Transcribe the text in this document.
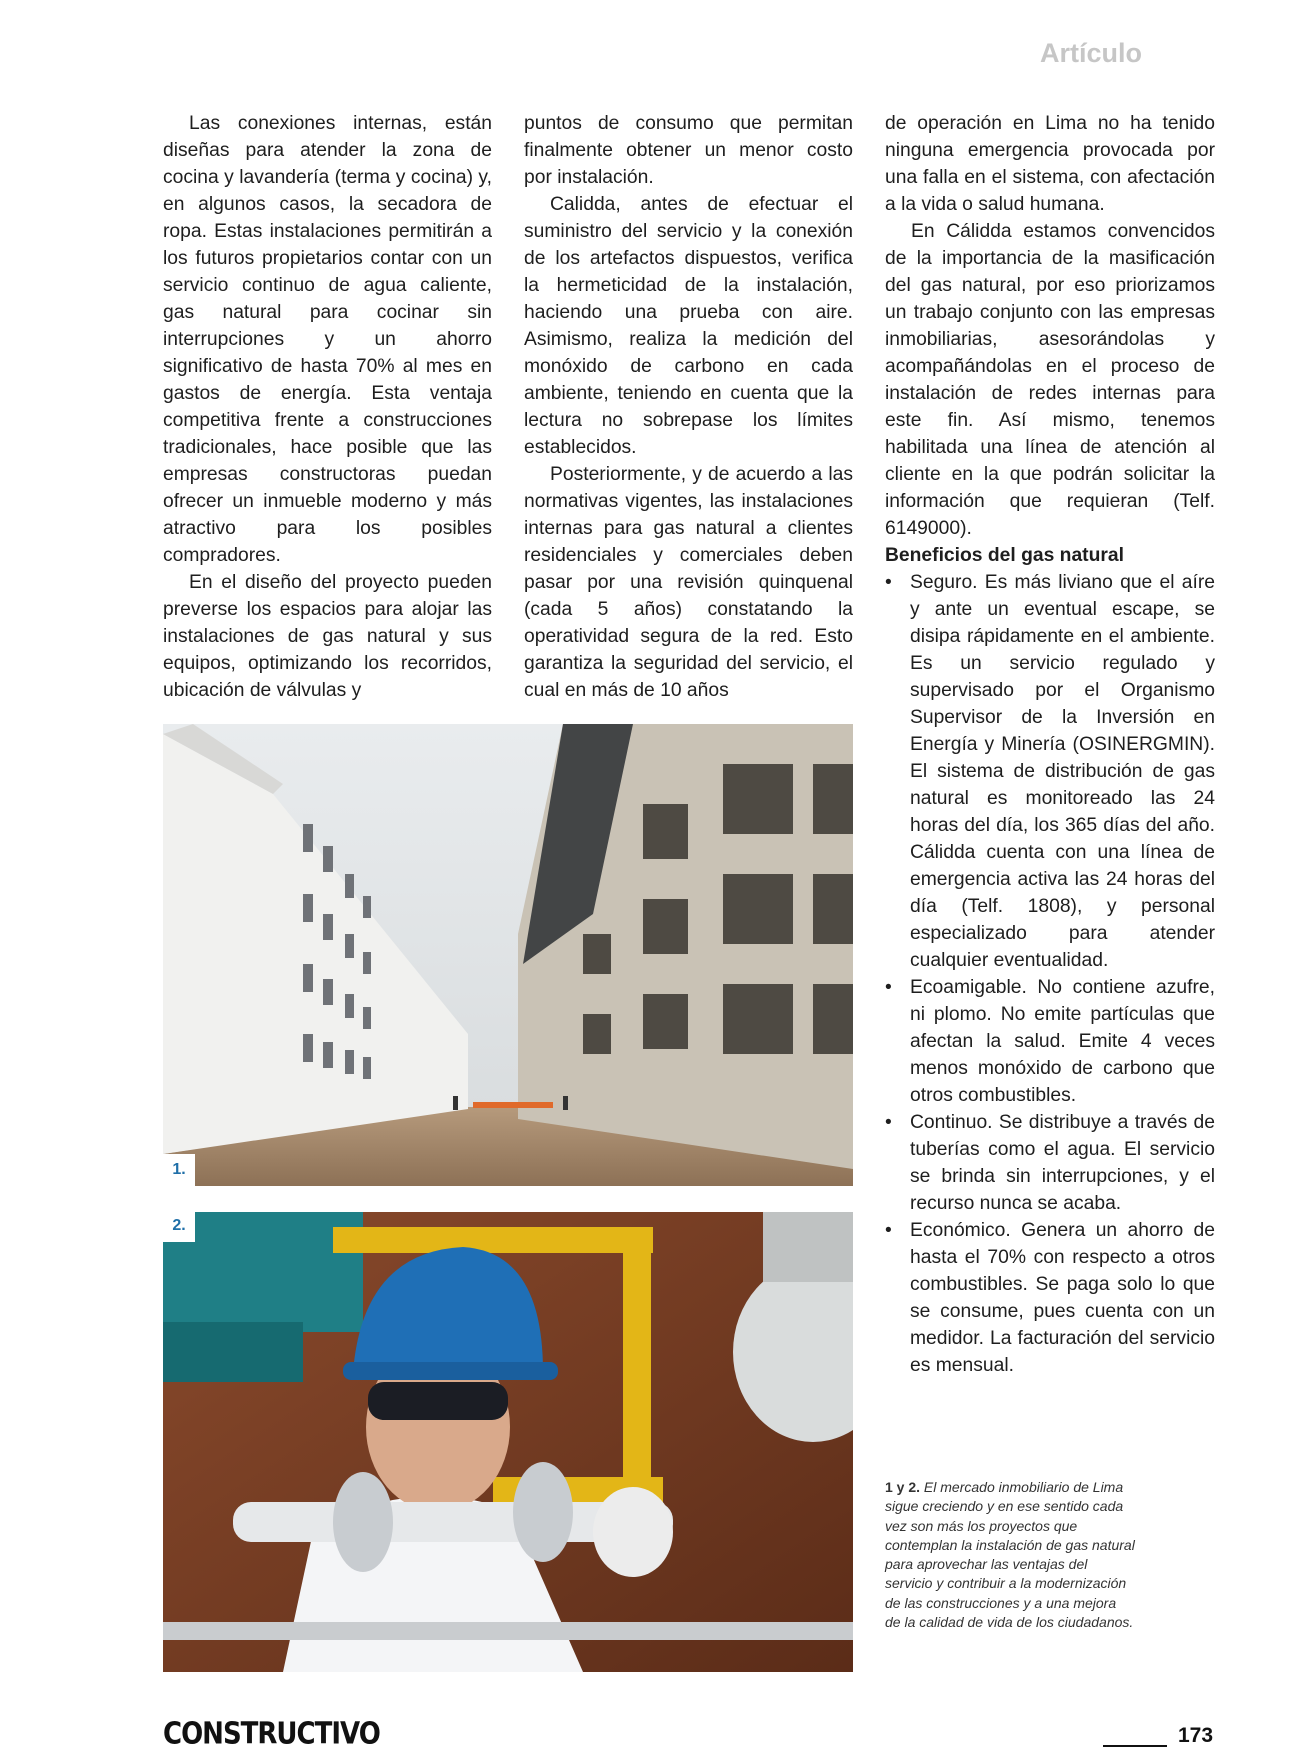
Artículo

Las conexiones internas, están diseñas para atender la zona de cocina y lavandería (terma y cocina) y, en algunos casos, la secadora de ropa. Estas instalaciones permitirán a los futuros propietarios contar con un servicio continuo de agua caliente, gas natural para cocinar sin interrupciones y un ahorro significativo de hasta 70% al mes en gastos de energía. Esta ventaja competitiva frente a construcciones tradicionales, hace posible que las empresas constructoras puedan ofrecer un inmueble moderno y más atractivo para los posibles compradores.

En el diseño del proyecto pueden preverse los espacios para alojar las instalaciones de gas natural y sus equipos, optimizando los recorridos, ubicación de válvulas y

puntos de consumo que permitan finalmente obtener un menor costo por instalación.

Calidda, antes de efectuar el suministro del servicio y la conexión de los artefactos dispuestos, verifica la hermeticidad de la instalación, haciendo una prueba con aire. Asimismo, realiza la medición del monóxido de carbono en cada ambiente, teniendo en cuenta que la lectura no sobrepase los límites establecidos.

Posteriormente, y de acuerdo a las normativas vigentes, las instalaciones internas para gas natural a clientes residenciales y comerciales deben pasar por una revisión quinquenal (cada 5 años) constatando la operatividad segura de la red. Esto garantiza la seguridad del servicio, el cual en más de 10 años

de operación en Lima no ha tenido ninguna emergencia provocada por una falla en el sistema, con afectación a la vida o salud humana.

En Cálidda estamos convencidos de la importancia de la masificación del gas natural, por eso priorizamos un trabajo conjunto con las empresas inmobiliarias, asesorándolas y acompañándolas en el proceso de instalación de redes internas para este fin. Así mismo, tenemos habilitada una línea de atención al cliente en la que podrán solicitar la información que requieran (Telf. 6149000).

Beneficios del gas natural

• Seguro. Es más liviano que el aíre y ante un eventual escape, se disipa rápidamente en el ambiente. Es un servicio regulado y supervisado por el Organismo Supervisor de la Inversión en Energía y Minería (OSINERGMIN). El sistema de distribución de gas natural es monitoreado las 24 horas del día, los 365 días del año. Cálidda cuenta con una línea de emergencia activa las 24 horas del día (Telf. 1808), y personal especializado para atender cualquier eventualidad.
• Ecoamigable. No contiene azufre, ni plomo. No emite partículas que afectan la salud. Emite 4 veces menos monóxido de carbono que otros combustibles.
• Continuo. Se distribuye a través de tuberías como el agua. El servicio se brinda sin interrupciones, y el recurso nunca se acaba.
• Económico. Genera un ahorro de hasta el 70% con respecto a otros combustibles. Se paga solo lo que se consume, pues cuenta con un medidor. La facturación del servicio es mensual.
1.
2.
1 y 2. El mercado inmobiliario de Lima sigue creciendo y en ese sentido cada vez son más los proyectos que contemplan la instalación de gas natural para aprovechar las ventajas del servicio y contribuir a la modernización de las construcciones y a una mejora de la calidad de vida de los ciudadanos.
CONSTRUCTIVO	173
